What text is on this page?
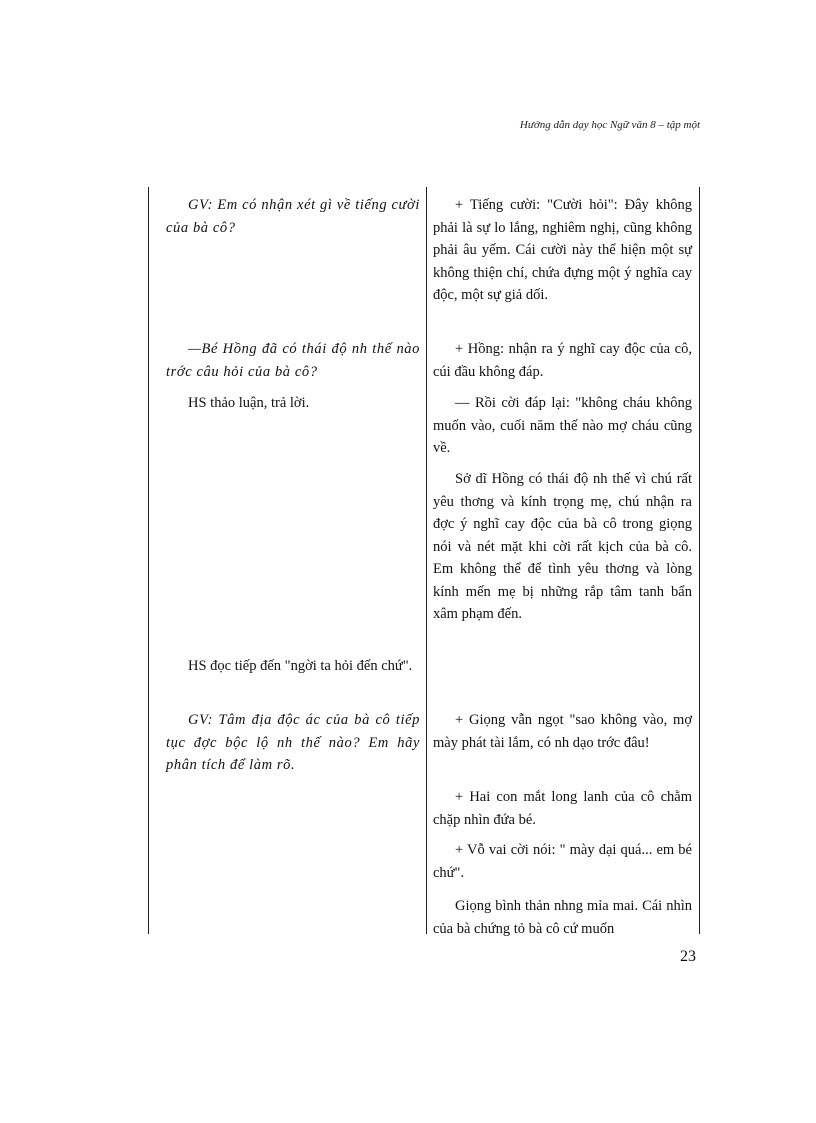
Hướng dẫn dạy học Ngữ văn 8 – tập một

GV: Em có nhận xét gì về tiếng cười của bà cô?

+ Tiếng cười: "Cười hỏi": Đây không phải là sự lo lắng, nghiêm nghị, cũng không phải âu yếm. Cái cười này thể hiện một sự không thiện chí, chứa đựng một ý nghĩa cay độc, một sự giả dối.

—Bé Hồng đã có thái độ nh thế nào trớc câu hỏi của bà cô?

+ Hồng: nhận ra ý nghĩ cay độc của cô, cúi đầu không đáp.

HS thảo luận, trả lời.	— Rồi cời đáp lại: "không cháu không muốn vào, cuối năm thế nào mợ cháu cũng về.

Sở dĩ Hồng có thái độ nh thế vì chú rất yêu thơng và kính trọng mẹ, chú nhận ra đợc ý nghĩ cay độc của bà cô trong giọng nói và nét mặt khi cời rất kịch của bà cô. Em không thể để tình yêu thơng và lòng kính mến mẹ bị những rắp tâm tanh bẩn xâm phạm đến.

HS đọc tiếp đến "ngời ta hỏi đến chứ".

GV: Tâm địa độc ác của bà cô tiếp tục đợc bộc lộ nh thế nào? Em hãy phân tích để làm rõ.

+ Giọng vẫn ngọt "sao không vào, mợ mày phát tài lắm, có nh dạo trớc đâu!

+ Hai con mắt long lanh của cô chằm chặp nhìn đứa bé.

+ Vỗ vai cời nói: " mày dại quá... em bé chứ".

Giọng bình thản nhng mỉa mai. Cái nhìn của bà chứng tỏ bà cô cứ muốn

23
